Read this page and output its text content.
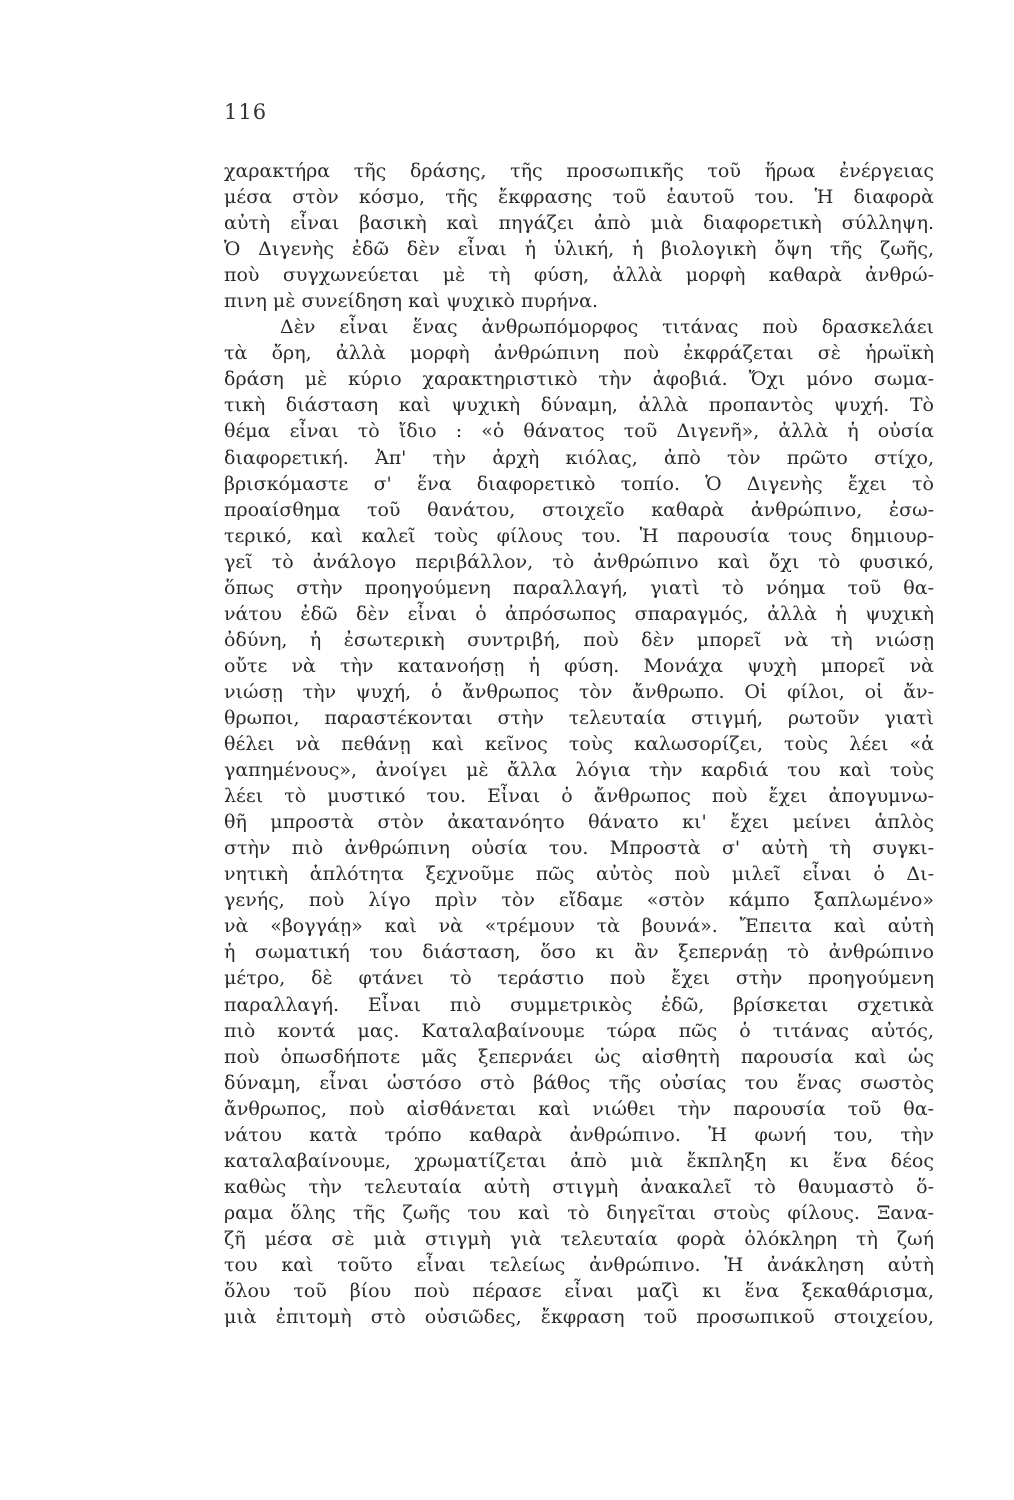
116
χαρακτήρα τῆς δράσης, τῆς προσωπικῆς τοῦ ἥρωα ἐνέργειας
μέσα στὸν κόσμο, τῆς ἔκφρασης τοῦ ἑαυτοῦ του. Ἡ διαφορὰ
αὐτὴ εἶναι βασικὴ καὶ πηγάζει ἀπὸ μιὰ διαφορετικὴ σύλληψη.
Ὁ Διγενὴς ἐδῶ δὲν εἶναι ἡ ὑλική, ἡ βιολογικὴ ὄψη τῆς ζωῆς,
ποὺ συγχωνεύεται μὲ τὴ φύση, ἀλλὰ μορφὴ καθαρὰ ἀνθρώ-
πινη μὲ συνείδηση καὶ ψυχικὸ πυρήνα.
Δὲν εἶναι ἕνας ἀνθρωπόμορφος τιτάνας ποὺ δρασκελάει
τὰ ὄρη, ἀλλὰ μορφὴ ἀνθρώπινη ποὺ ἐκφράζεται σὲ ἡρωϊκὴ
δράση μὲ κύριο χαρακτηριστικὸ τὴν ἀφοβιά. Ὄχι μόνο σωμα-
τικὴ διάσταση καὶ ψυχικὴ δύναμη, ἀλλὰ προπαντὸς ψυχή. Τὸ
θέμα εἶναι τὸ ἴδιο : «ὁ θάνατος τοῦ Διγενῆ», ἀλλὰ ἡ οὐσία
διαφορετική. Ἀπ' τὴν ἀρχὴ κιόλας, ἀπὸ τὸν πρῶτο στίχο,
βρισκόμαστε σ' ἕνα διαφορετικὸ τοπίο. Ὁ Διγενὴς ἔχει τὸ
προαίσθημα τοῦ θανάτου, στοιχεῖο καθαρὰ ἀνθρώπινο, ἐσω-
τερικό, καὶ καλεῖ τοὺς φίλους του. Ἡ παρουσία τους δημιουρ-
γεῖ τὸ ἀνάλογο περιβάλλον, τὸ ἀνθρώπινο καὶ ὄχι τὸ φυσικό,
ὅπως στὴν προηγούμενη παραλλαγή, γιατὶ τὸ νόημα τοῦ θα-
νάτου ἐδῶ δὲν εἶναι ὁ ἀπρόσωπος σπαραγμός, ἀλλὰ ἡ ψυχικὴ
ὀδύνη, ἡ ἐσωτερικὴ συντριβή, ποὺ δὲν μπορεῖ νὰ τὴ νιώσῃ
οὔτε νὰ τὴν κατανοήσῃ ἡ φύση. Μονάχα ψυχὴ μπορεῖ νὰ
νιώσῃ τὴν ψυχή, ὁ ἄνθρωπος τὸν ἄνθρωπο. Οἱ φίλοι, οἱ ἄν-
θρωποι, παραστέκονται στὴν τελευταία στιγμή, ρωτοῦν γιατὶ
θέλει νὰ πεθάνῃ καὶ κεῖνος τοὺς καλωσορίζει, τοὺς λέει «ἀ
γαπημένους», ἀνοίγει μὲ ἄλλα λόγια τὴν καρδιά του καὶ τοὺς
λέει τὸ μυστικό του. Εἶναι ὁ ἄνθρωπος ποὺ ἔχει ἀπογυμνω-
θῆ μπροστὰ στὸν ἀκατανόητο θάνατο κι' ἔχει μείνει ἁπλὸς
στὴν πιὸ ἀνθρώπινη οὐσία του. Μπροστὰ σ' αὐτὴ τὴ συγκι-
νητικὴ ἁπλότητα ξεχνοῦμε πῶς αὐτὸς ποὺ μιλεῖ εἶναι ὁ Δι-
γενής, ποὺ λίγο πρὶν τὸν εἴδαμε «στὸν κάμπο ξαπλωμένο»
νὰ «βογγάῃ» καὶ νὰ «τρέμουν τὰ βουνά». Ἔπειτα καὶ αὐτὴ
ἡ σωματική του διάσταση, ὅσο κι ἂν ξεπερνάῃ τὸ ἀνθρώπινο
μέτρο, δὲ φτάνει τὸ τεράστιο ποὺ ἔχει στὴν προηγούμενη
παραλλαγή. Εἶναι πιὸ συμμετρικὸς ἐδῶ, βρίσκεται σχετικὰ
πιὸ κοντά μας. Καταλαβαίνουμε τώρα πῶς ὁ τιτάνας αὐτός,
ποὺ ὁπωσδήποτε μᾶς ξεπερνάει ὡς αἰσθητὴ παρουσία καὶ ὡς
δύναμη, εἶναι ὡστόσο στὸ βάθος τῆς οὐσίας του ἕνας σωστὸς
ἄνθρωπος, ποὺ αἰσθάνεται καὶ νιώθει τὴν παρουσία τοῦ θα-
νάτου κατὰ τρόπο καθαρὰ ἀνθρώπινο. Ἡ φωνή του, τὴν
καταλαβαίνουμε, χρωματίζεται ἀπὸ μιὰ ἔκπληξη κι ἕνα δέος
καθὼς τὴν τελευταία αὐτὴ στιγμὴ ἀνακαλεῖ τὸ θαυμαστὸ ὅ-
ραμα ὅλης τῆς ζωῆς του καὶ τὸ διηγεῖται στοὺς φίλους. Ξανα-
ζῆ μέσα σὲ μιὰ στιγμὴ γιὰ τελευταία φορὰ ὁλόκληρη τὴ ζωή
του καὶ τοῦτο εἶναι τελείως ἀνθρώπινο. Ἡ ἀνάκληση αὐτὴ
ὅλου τοῦ βίου ποὺ πέρασε εἶναι μαζὶ κι ἕνα ξεκαθάρισμα,
μιὰ ἐπιτομὴ στὸ οὐσιῶδες, ἔκφραση τοῦ προσωπικοῦ στοιχείου,
